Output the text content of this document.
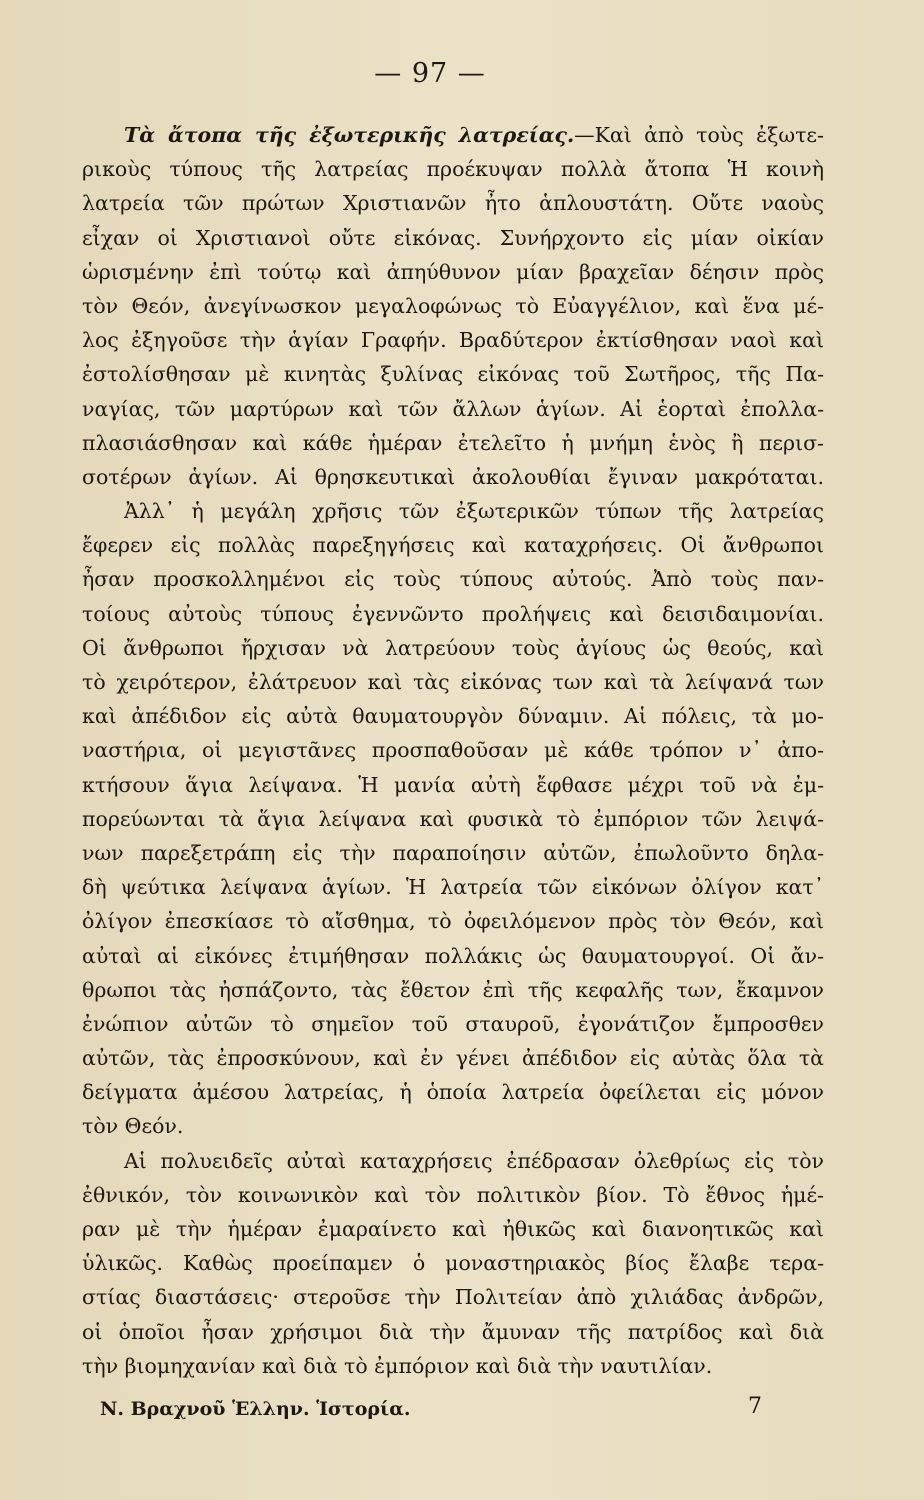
— 97 —
Τὰ ἄτοπα τῆς ἐξωτερικῆς λατρείας.—Καὶ ἀπὸ τοὺς ἐξωτε-
ρικοὺς τύπους τῆς λατρείας προέκυψαν πολλὰ ἄτοπα Ἡ κοινὴ
λατρεία τῶν πρώτων Χριστιανῶν ἦτο ἁπλουστάτη. Οὔτε ναοὺς
εἶχαν οἱ Χριστιανοὶ οὔτε εἰκόνας. Συνήρχοντο εἰς μίαν οἰκίαν
ὡρισμένην ἐπὶ τούτῳ καὶ ἀπηύθυνον μίαν βραχεῖαν δέησιν πρὸς
τὸν Θεόν, ἀνεγίνωσκον μεγαλοφώνως τὸ Εὐαγγέλιον, καὶ ἕνα μέ-
λος ἐξηγοῦσε τὴν ἁγίαν Γραφήν. Βραδύτερον ἐκτίσθησαν ναοὶ καὶ
ἐστολίσθησαν μὲ κινητὰς ξυλίνας εἰκόνας τοῦ Σωτῆρος, τῆς Πα-
ναγίας, τῶν μαρτύρων καὶ τῶν ἄλλων ἁγίων. Αἱ ἑορταὶ ἐπολλα-
πλασιάσθησαν καὶ κάθε ἡμέραν ἐτελεῖτο ἡ μνήμη ἑνὸς ἢ περισ-
σοτέρων ἁγίων. Αἱ θρησκευτικαὶ ἀκολουθίαι ἔγιναν μακρόταται.
Ἀλλ᾽ ἡ μεγάλη χρῆσις τῶν ἐξωτερικῶν τύπων τῆς λατρείας
ἔφερεν εἰς πολλὰς παρεξηγήσεις καὶ καταχρήσεις. Οἱ ἄνθρωποι
ἦσαν προσκολλημένοι εἰς τοὺς τύπους αὐτούς. Ἀπὸ τοὺς παν-
τοίους αὐτοὺς τύπους ἐγεννῶντο προλήψεις καὶ δεισιδαιμονίαι.
Οἱ ἄνθρωποι ἤρχισαν νὰ λατρεύουν τοὺς ἁγίους ὡς θεούς, καὶ
τὸ χειρότερον, ἐλάτρευον καὶ τὰς εἰκόνας των καὶ τὰ λείψανά των
καὶ ἀπέδιδον εἰς αὐτὰ θαυματουργὸν δύναμιν. Αἱ πόλεις, τὰ μο-
ναστήρια, οἱ μεγιστᾶνες προσπαθοῦσαν μὲ κάθε τρόπον ν᾽ ἀπο-
κτήσουν ἅγια λείψανα. Ἡ μανία αὐτὴ ἔφθασε μέχρι τοῦ νὰ ἐμ-
πορεύωνται τὰ ἅγια λείψανα καὶ φυσικὰ τὸ ἐμπόριον τῶν λειψά-
νων παρεξετράπη εἰς τὴν παραποίησιν αὐτῶν, ἐπωλοῦντο δηλα-
δὴ ψεύτικα λείψανα ἁγίων. Ἡ λατρεία τῶν εἰκόνων ὀλίγον κατ᾽
ὀλίγον ἐπεσκίασε τὸ αἴσθημα, τὸ ὀφειλόμενον πρὸς τὸν Θεόν, καὶ
αὐταὶ αἱ εἰκόνες ἐτιμήθησαν πολλάκις ὡς θαυματουργοί. Οἱ ἄν-
θρωποι τὰς ἠσπάζοντο, τὰς ἔθετον ἐπὶ τῆς κεφαλῆς των, ἔκαμνον
ἐνώπιον αὐτῶν τὸ σημεῖον τοῦ σταυροῦ, ἐγονάτιζον ἔμπροσθεν
αὐτῶν, τὰς ἐπροσκύνουν, καὶ ἐν γένει ἀπέδιδον εἰς αὐτὰς ὅλα τὰ
δείγματα ἀμέσου λατρείας, ἡ ὁποία λατρεία ὀφείλεται εἰς μόνον
τὸν Θεόν.
Αἱ πολυειδεῖς αὐταὶ καταχρήσεις ἐπέδρασαν ὀλεθρίως εἰς τὸν
ἐθνικόν, τὸν κοινωνικὸν καὶ τὸν πολιτικὸν βίον. Τὸ ἔθνος ἡμέ-
ραν μὲ τὴν ἡμέραν ἐμαραίνετο καὶ ἠθικῶς καὶ διανοητικῶς καὶ
ὑλικῶς. Καθὼς προείπαμεν ὁ μοναστηριακὸς βίος ἔλαβε τερα-
στίας διαστάσεις· στεροῦσε τὴν Πολιτείαν ἀπὸ χιλιάδας ἀνδρῶν,
οἱ ὁποῖοι ἦσαν χρήσιμοι διὰ τὴν ἄμυναν τῆς πατρίδος καὶ διὰ
τὴν βιομηχανίαν καὶ διὰ τὸ ἐμπόριον καὶ διὰ τὴν ναυτιλίαν.
Ν. Βραχνοῦ Ἑλλην. Ἱστορία.	7
